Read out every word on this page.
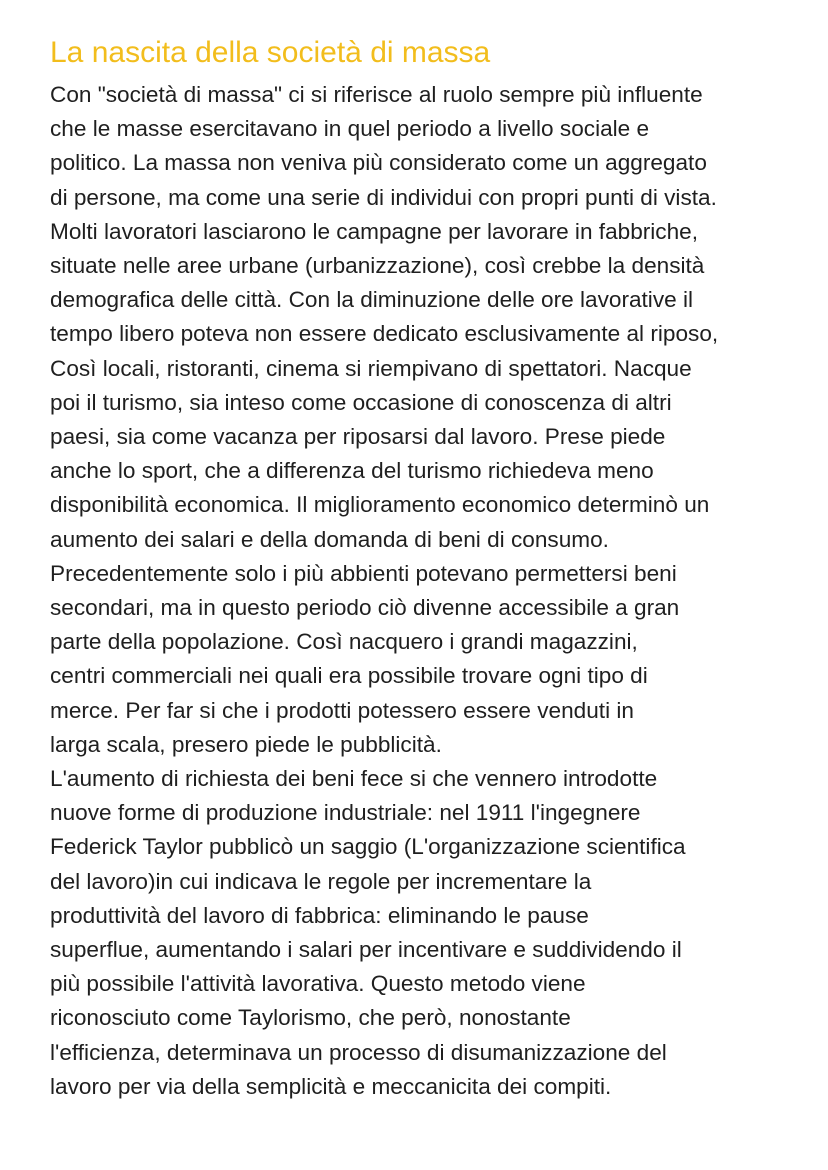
La nascita della società di massa
Con "società di massa" ci si riferisce al ruolo sempre più influente
che le masse esercitavano in quel periodo a livello sociale e
politico. La massa non veniva più considerato come un aggregato
di persone, ma come una serie di individui con propri punti di vista.
Molti lavoratori lasciarono le campagne per lavorare in fabbriche,
situate nelle aree urbane (urbanizzazione), così crebbe la densità
demografica delle città. Con la diminuzione delle ore lavorative il
tempo libero poteva non essere dedicato esclusivamente al riposo,
Così locali, ristoranti, cinema si riempivano di spettatori. Nacque
poi il turismo, sia inteso come occasione di conoscenza di altri
paesi, sia come vacanza per riposarsi dal lavoro. Prese piede
anche lo sport, che a differenza del turismo richiedeva meno
disponibilità economica. Il miglioramento economico determinò un
aumento dei salari e della domanda di beni di consumo.
Precedentemente solo i più abbienti potevano permettersi beni
secondari, ma in questo periodo ciò divenne accessibile a gran
parte della popolazione. Così nacquero i grandi magazzini,
centri commerciali nei quali era possibile trovare ogni tipo di
merce. Per far si che i prodotti potessero essere venduti in
larga scala, presero piede le pubblicità.
L'aumento di richiesta dei beni fece si che vennero introdotte
nuove forme di produzione industriale: nel 1911 l'ingegnere
Federick Taylor pubblicò un saggio (L'organizzazione scientifica
del lavoro)in cui indicava le regole per incrementare la
produttività del lavoro di fabbrica: eliminando le pause
superflue, aumentando i salari per incentivare e suddividendo il
più possibile l'attività lavorativa. Questo metodo viene
riconosciuto come Taylorismo, che però, nonostante
l'efficienza, determinava un processo di disumanizzazione del
lavoro per via della semplicità e meccanicita dei compiti.
